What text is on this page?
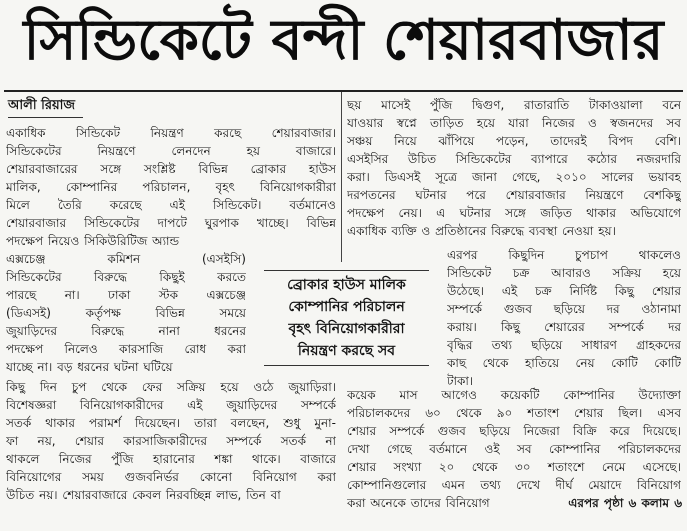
সিন্ডিকেটে বন্দী শেয়ারবাজার
আলী রিয়াজ
একাধিক সিন্ডিকেট নিয়ন্ত্রণ করছে শেয়ারবাজার।
সিন্ডিকেটের নিয়ন্ত্রণে লেনদেন হয় বাজারে।
শেয়ারবাজারের সঙ্গে সংশ্লিষ্ট বিভিন্ন ব্রোকার হাউস
মালিক, কোম্পানির পরিচালন, বৃহৎ বিনিয়োগকারীরা
মিলে তৈরি করেছে এই সিন্ডিকেট। বর্তমানেও
শেয়ারবাজার সিন্ডিকেটের দাপটে ঘুরপাক খাচ্ছে। বিভিন্ন
পদক্ষেপ নিয়েও সিকিউরিটিজ অ্যান্ড
এক্সচেঞ্জ কমিশন (এসইসি)
সিন্ডিকেটের বিরুদ্ধে কিছুই করতে
পারছে না। ঢাকা স্টক এক্সচেঞ্জ
(ডিএসই) কর্তৃপক্ষ বিভিন্ন সময়ে
জুয়াড়িদের বিরুদ্ধে নানা ধরনের
পদক্ষেপ নিলেও কারসাজি রোধ করা
যাচ্ছে না। বড় ধরনের ঘটনা ঘটিয়ে
কিছু দিন চুপ থেকে ফের সক্রিয় হয়ে ওঠে জুয়াড়িরা।
বিশেষজ্ঞরা বিনিয়োগকারীদের এই জুয়াড়িদের সম্পর্কে
সতর্ক থাকার পরামর্শ দিয়েছেন। তারা বলছেন, শুধু মুনা-
ফা নয়, শেয়ার কারসাজিকারীদের সম্পর্কে সতর্ক না
থাকলে নিজের পুঁজি হারানোর শঙ্কা থাকে। বাজারে
বিনিয়োগের সময় গুজবনির্ভর কোনো বিনিয়োগ করা
উচিত নয়। শেয়ারবাজারে কেবল নিরবচ্ছিন্ন লাভ, তিন বা
ছয় মাসেই পুঁজি দ্বিগুণ, রাতারাতি টাকাওয়ালা বনে
যাওয়ার স্বপ্নে তাড়িত হয়ে যারা নিজের ও স্বজনদের সব
সঞ্চয় নিয়ে ঝাঁপিয়ে পড়েন, তাদেরই বিপদ বেশি।
এসইসির উচিত সিন্ডিকেটের ব্যাপারে কঠোর নজরদারি
করা। ডিএসই সূত্রে জানা গেছে, ২০১০ সালের ভয়াবহ
দরপতনের ঘটনার পরে শেয়ারবাজার নিয়ন্ত্রণে বেশকিছু
পদক্ষেপ নেয়। এ ঘটনার সঙ্গে জড়িত থাকার অভিযোগে
একাধিক ব্যক্তি ও প্রতিষ্ঠানের বিরুদ্ধে ব্যবস্থা নেওয়া হয়।
এরপর কিছুদিন চুপচাপ থাকলেও
সিন্ডিকেট চক্র আবারও সক্রিয় হয়ে
উঠেছে। এই চক্র নির্দিষ্ট কিছু শেয়ার
সম্পর্কে গুজব ছড়িয়ে দর ওঠানামা
করায়। কিছু শেয়ারের সম্পর্কে দর
বৃদ্ধির তথ্য ছড়িয়ে সাধারণ গ্রাহকদের
কাছ থেকে হাতিয়ে নেয় কোটি কোটি
টাকা।
কয়েক মাস আগেও কয়েকটি কোম্পানির উদ্যোক্তা
পরিচালকদের ৬০ থেকে ৯০ শতাংশ শেয়ার ছিল। এসব
শেয়ার সম্পর্কে গুজব ছড়িয়ে নিজেরা বিক্রি করে দিয়েছে।
দেখা গেছে বর্তমানে ওই সব কোম্পানির পরিচালকদের
শেয়ার সংখ্যা ২০ থেকে ৩০ শতাংশে নেমে এসেছে।
কোম্পানিগুলোর এমন তথ্য দেখে দীর্ঘ মেয়াদে বিনিয়োগ
করা অনেকে তাদের বিনিয়োগ	এরপর পৃষ্ঠা ৬ কলাম ৬
ব্রোকার হাউস মালিক
কোম্পানির পরিচালন
বৃহৎ বিনিয়োগকারীরা
নিয়ন্ত্রণ করছে সব
